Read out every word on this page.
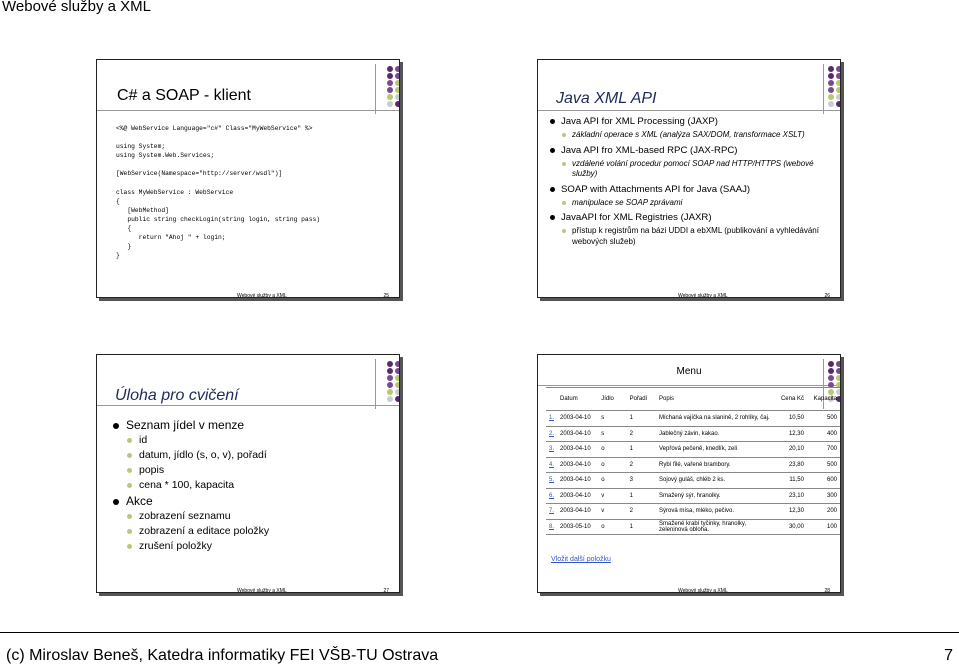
Webové služby a XML
C# a SOAP - klient
<%@ WebService Language="c#" Class="MyWebService" %>

using System;
using System.Web.Services;

[WebService(Namespace="http://server/wsdl")]

class MyWebService : WebService
{
[WebMethod]
public string checkLogin(string login, string pass)
{
return "Ahoj " + login;
}
}
Webové služby a XML	25
Java XML API
Java API for XML Processing (JAXP)
základní operace s XML (analýza SAX/DOM, transformace XSLT)
Java API fro XML-based RPC (JAX-RPC)
vzdálené volání procedur pomocí SOAP nad HTTP/HTTPS (webové služby)
SOAP with Attachments API for Java (SAAJ)
manipulace se SOAP zprávami
JavaAPI for XML Registries (JAXR)
přístup k registrům na bázi UDDI a ebXML (publikování a vyhledávání webových služeb)
Webové služby a XML	26
Úloha pro cvičení
Seznam jídel v menze
id
datum, jídlo (s, o, v), pořadí
popis
cena * 100, kapacita
Akce
zobrazení seznamu
zobrazení a editace položky
zrušení položky
Webové služby a XML	27
Menu
	Datum	Jídlo	Pořadí	Popis	Cena Kč	Kapacita
1.	2003-04-10	s	1	Míchaná vajíčka na slanině, 2 rohlíky, čaj.	10,50	500
2.	2003-04-10	s	2	Jablečný závin, kakao.	12,30	400
3.	2003-04-10	o	1	Vepřová pečeně, knedlík, zelí	20,10	700
4.	2003-04-10	o	2	Rybí filé, vařené brambory.	23,80	500
5.	2003-04-10	o	3	Sojový guláš, chléb 2 ks.	11,50	600
6.	2003-04-10	v	1	Smažený sýr, hranolky.	23,10	300
7.	2003-04-10	v	2	Sýrová mísa, mléko, pečivo.	12,30	200
8.	2003-05-10	o	1	Smažené krabí tyčinky, hranolky, zeleninová obloha.	30,00	100
Vložit další položku
Webové služby a XML	28
(c) Miroslav Beneš, Katedra informatiky FEI VŠB-TU Ostrava	7
